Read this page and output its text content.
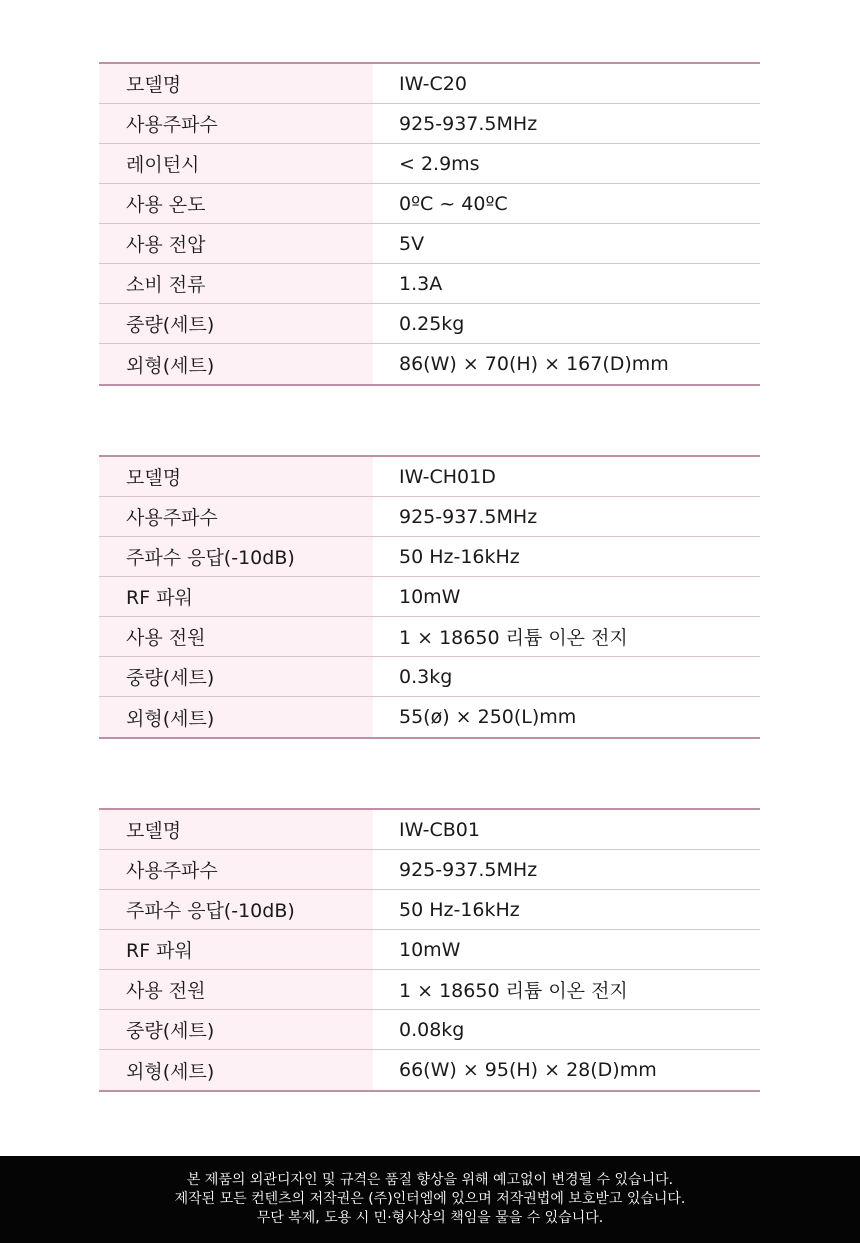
모델명	IW-C20
사용주파수	925-937.5MHz
레이턴시	< 2.9ms
사용 온도	0ºC ~ 40ºC
사용 전압	5V
소비 전류	1.3A
중량(세트)	0.25kg
외형(세트)	86(W) × 70(H) × 167(D)mm
모델명	IW-CH01D
사용주파수	925-937.5MHz
주파수 응답(-10dB)	50 Hz-16kHz
RF 파워	10mW
사용 전원	1 × 18650 리튬 이온 전지
중량(세트)	0.3kg
외형(세트)	55(ø) × 250(L)mm
모델명	IW-CB01
사용주파수	925-937.5MHz
주파수 응답(-10dB)	50 Hz-16kHz
RF 파워	10mW
사용 전원	1 × 18650 리튬 이온 전지
중량(세트)	0.08kg
외형(세트)	66(W) × 95(H) × 28(D)mm
본 제품의 외관디자인 및 규격은 품질 향상을 위해 예고없이 변경될 수 있습니다.
제작된 모든 컨텐츠의 저작권은 (주)인터엠에 있으며 저작권법에 보호받고 있습니다.
무단 복제, 도용 시 민·형사상의 책임을 물을 수 있습니다.
